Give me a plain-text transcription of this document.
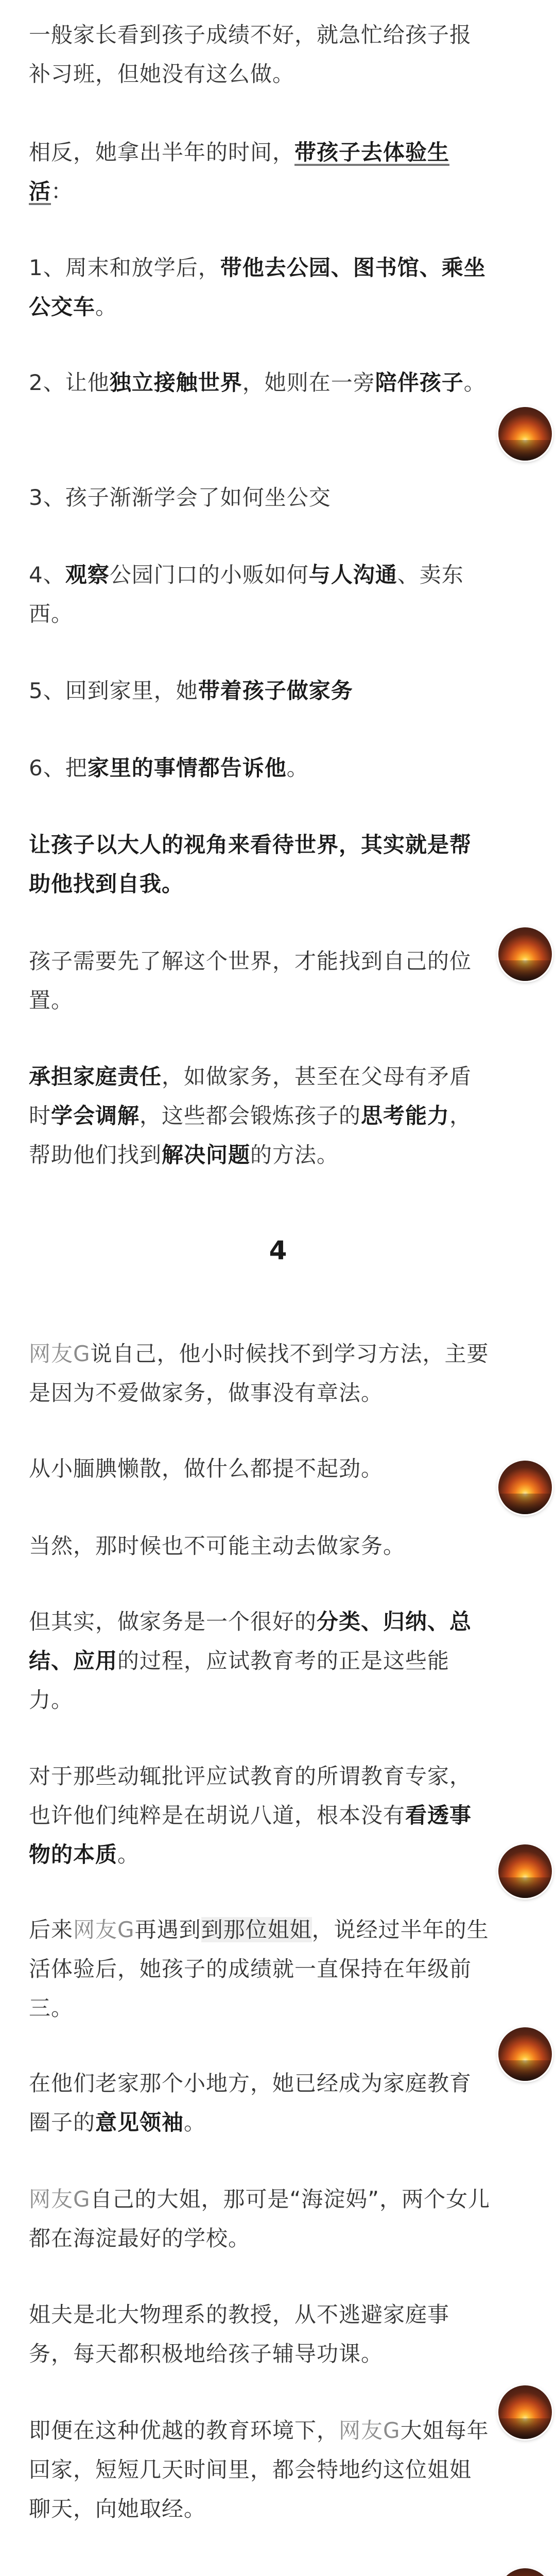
一般家长看到孩子成绩不好，就急忙给孩子报补习班，但她没有这么做。

相反，她拿出半年的时间，带孩子去体验生活：

1、周末和放学后，带他去公园、图书馆、乘坐公交车。

2、让他独立接触世界，她则在一旁陪伴孩子。

3、孩子渐渐学会了如何坐公交

4、观察公园门口的小贩如何与人沟通、卖东西。

5、回到家里，她带着孩子做家务

6、把家里的事情都告诉他。

让孩子以大人的视角来看待世界，其实就是帮助他找到自我。

孩子需要先了解这个世界，才能找到自己的位置。

承担家庭责任，如做家务，甚至在父母有矛盾时学会调解，这些都会锻炼孩子的思考能力，帮助他们找到解决问题的方法。

4

网友G说自己，他小时候找不到学习方法，主要是因为不爱做家务，做事没有章法。

从小腼腆懒散，做什么都提不起劲。

当然，那时候也不可能主动去做家务。

但其实，做家务是一个很好的分类、归纳、总结、应用的过程，应试教育考的正是这些能力。

对于那些动辄批评应试教育的所谓教育专家，也许他们纯粹是在胡说八道，根本没有看透事物的本质。

后来网友G再遇到到那位姐姐，说经过半年的生活体验后，她孩子的成绩就一直保持在年级前三。

在他们老家那个小地方，她已经成为家庭教育圈子的意见领袖。

网友G自己的大姐，那可是“海淀妈”，两个女儿都在海淀最好的学校。

姐夫是北大物理系的教授，从不逃避家庭事务，每天都积极地给孩子辅导功课。

即便在这种优越的教育环境下，网友G大姐每年回家，短短几天时间里，都会特地约这位姐姐聊天，向她取经。
